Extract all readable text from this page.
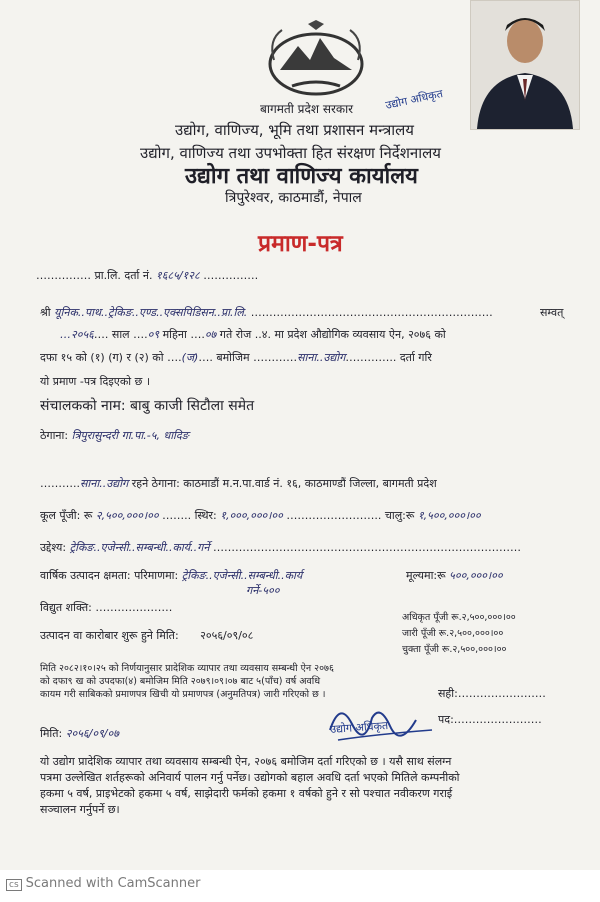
उद्योग अधिकृत
बागमती प्रदेश सरकार
उद्योग, वाणिज्य, भूमि तथा प्रशासन मन्त्रालय
उद्योग, वाणिज्य तथा उपभोक्ता हित संरक्षण निर्देशनालय
उद्योग तथा वाणिज्य कार्यालय
त्रिपुरेश्वर, काठमाडौं, नेपाल
प्रमाण-पत्र
…………… प्रा.लि. दर्ता नं. १६८५/१२८ ……………
श्री यूनिक..पाथ..ट्रेकिङ..एण्ड..एक्सपिडिसन..प्रा.लि. …………………………………………………………	सम्वत्
…२०५६…. साल ….०९ महिना ….०७ गते रोज ..४. मा प्रदेश औद्योगिक व्यवसाय ऐन, २०७६ को
दफा १५ को (१) (ग) र (२) को ….(ज)…. बमोजिम …………साना..उद्योग………….. दर्ता गरि
यो प्रमाण -पत्र दिइएको छ ।
संचालकको नाम: बाबु काजी सिटौला समेत
ठेगाना: त्रिपुरासुन्दरी गा.पा.-५, धादिङ
………..साना..उद्योग रहने ठेगाना: काठमाडौं म.न.पा.वार्ड नं. १६, काठमाण्डौं जिल्ला, बागमती प्रदेश
कूल पूँजी: रू २,५००,०००।०० …….. स्थिर: १,०००,०००।०० …………………….. चालु:रू १,५००,०००।००
उद्देश्य: ट्रेकिङ..एजेन्सी..सम्बन्धी..कार्य..गर्ने …………………………………………………………………………
वार्षिक उत्पादन क्षमता: परिमाणमा: ट्रेकिङ..एजेन्सी..सम्बन्धी..कार्य	मूल्यमा:रू ५००,०००।००
गर्ने-५००
विद्युत शक्ति: …………………
अधिकृत पूँजी रू.२,५००,०००।००
जारी पूँजी रू.२,५००,०००।००
चुक्ता पूँजी रू.२,५००,०००।००
उत्पादन वा कारोबार शुरू हुने मिति: २०५६/०९/०८
मिति २०८२।१०।२५ को निर्णयानुसार प्रादेशिक व्यापार तथा व्यवसाय सम्बन्धी ऐन २०७६
को दफा९ ख को उपदफा(४) बमोजिम मिति २०७९।०९।०७ बाट ५(पाँच) वर्ष अवधि
कायम गरी साबिकको प्रमाणपत्र खिची यो प्रमाणपत्र (अनुमतिपत्र) जारी गरिएको छ ।	सही:……………………
पद:……………………
उद्योग अधिकृत
मिति: २०५६/०९/०७
यो उद्योग प्रादेशिक व्यापार तथा व्यवसाय सम्बन्धी ऐन, २०७६ बमोजिम दर्ता गरिएको छ । यसै साथ संलग्न
पत्रमा उल्लेखित शर्तहरूको अनिवार्य पालन गर्नु पर्नेछ। उद्योगको बहाल अवधि दर्ता भएको मितिले कम्पनीको
हकमा ५ वर्ष, प्राइभेटको हकमा ५ वर्ष, साझेदारी फर्मको हकमा १ वर्षको हुने र सो पश्चात नवीकरण गराई
सञ्चालन गर्नुपर्ने छ।
cs Scanned with CamScanner
